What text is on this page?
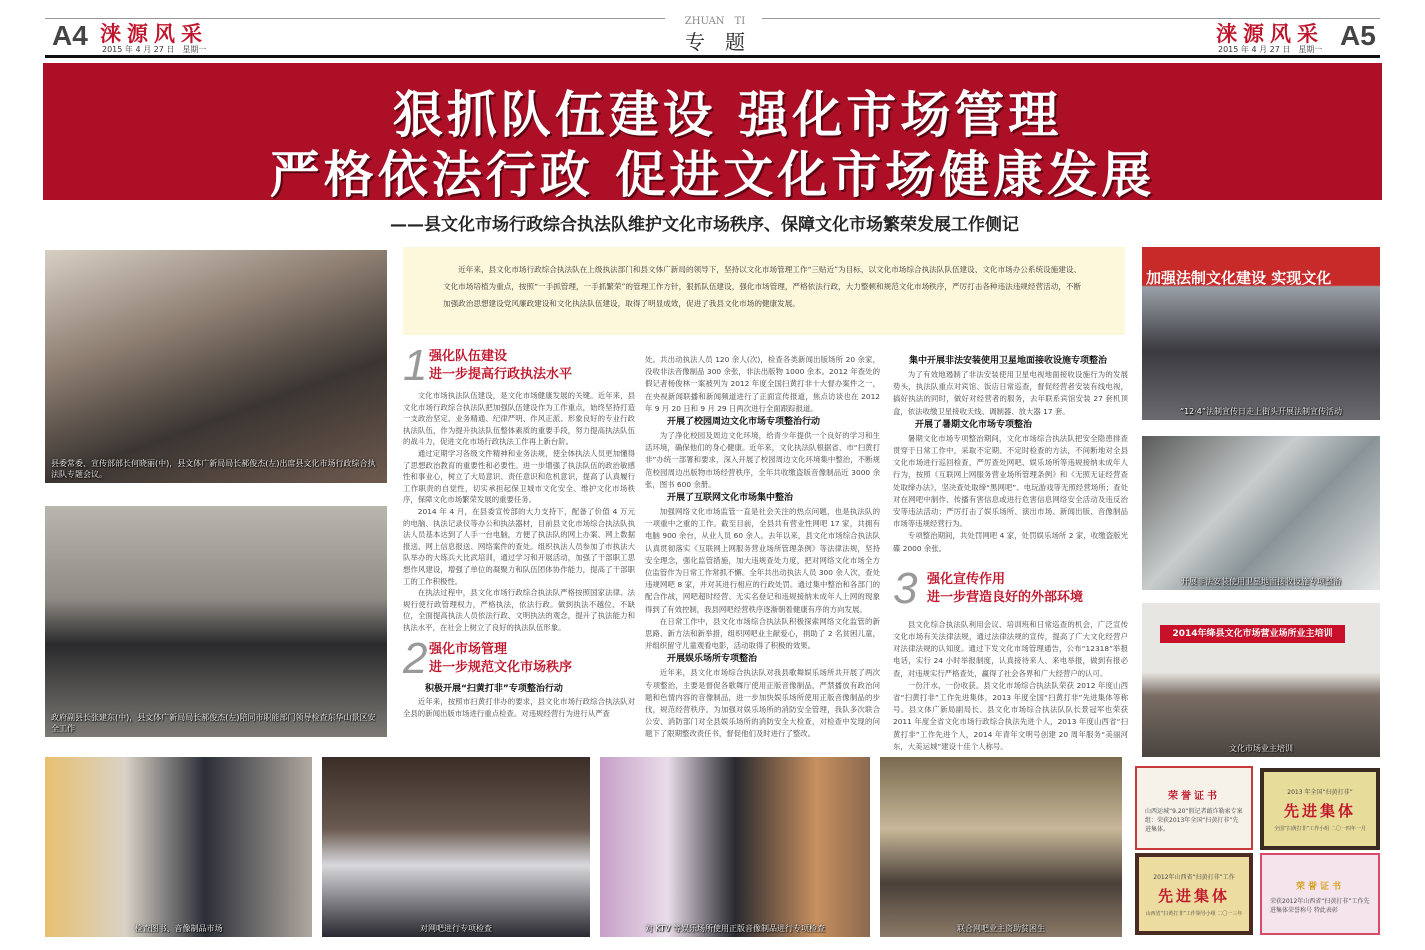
A4 涞源风采
2015 年 4 月 27 日　星期一
ZHUAN　TI
专　题	涞源风采
2015 年 4 月 27 日　星期一 A5
狠抓队伍建设 强化市场管理
严格依法行政 促进文化市场健康发展
——县文化市场行政综合执法队维护文化市场秩序、保障文化市场繁荣发展工作侧记
县委常委、宣传部部长何晓丽(中)，县文体广新局局长郝俊杰(左)出席县文化市场行政综合执法队专题会议。
政府副县长张建东(中)，县文体广新局局长郝俊杰(左)陪同市职能部门领导检查东华山景区安全工作
近年来，县文化市场行政综合执法队在上级执法部门和县文体广新局的领导下，坚持以文化市场管理工作“三贴近”为目标，以文化市场综合执法队队伍建设、文化市场办公系统设施建设、文化市场培植为重点，按照“一手抓管理，一手抓繁荣”的管理工作方针，狠抓队伍建设，强化市场管理，严格依法行政，大力整顿和规范文化市场秩序，严厉打击各种违法违规经营活动，不断加强政治思想建设党风廉政建设和文化执法队伍建设，取得了明显成效，促进了我县文化市场的健康发展。
1 强化队伍建设
进一步提高行政执法水平

文化市场执法队伍建设，是文化市场健康发展的关键。近年来，县文化市场行政综合执法队把加强队伍建设作为工作重点，始终坚持打造一支政治坚定、业务精通、纪律严明、作风正派、形象良好的专业行政执法队伍，作为提升执法队伍整体素质的重要手段，努力提高执法队伍的战斗力，促进文化市场行政执法工作再上新台阶。

通过定期学习各级文件精神和业务法规，使全体执法人员更加懂得了思想政治教育的重要性和必要性。进一步增强了执法队伍的政治敏感性和事业心，树立了大局意识、责任意识和危机意识，提高了认真履行工作职责的自觉性，切实承担起保卫城市文化安全、维护文化市场秩序，保障文化市场繁荣发展的重要任务。

2014 年 4 月，在县委宣传部的大力支持下，配备了价值 4 万元的电脑、执法记录仪等办公和执法器材，目前县文化市场综合执法队执法人员基本达到了人手一台电脑，方便了执法队的网上办案、网上数据报送、网上信息报送、网络案件的查处。组织执法人员参加了市执法大队举办的大练兵大比武培训，通过学习和开展活动，加强了干部职工思想作风建设，增强了单位的凝聚力和队伍团体协作能力，提高了干部职工的工作积极性。

在执法过程中，县文化市场行政综合执法队严格按照国家法律、法规行使行政管理权力，严格执法，依法行政。做到执法不越位、不缺位，全面提高执法人员依法行政、文明执法的观念，提升了执法能力和执法水平，在社会上树立了良好的执法队伍形象。

2 强化市场管理
进一步规范文化市场秩序
积极开展“扫黄打非”专项整治行动

近年来，按照市扫黄打非办的要求，县文化市场行政综合执法队对全县的新闻出版市场进行重点检查。对违规经营行为进行从严查

处。共出动执法人员 120 余人(次)，检查各类新闻出版场所 20 余家，没收非法音像制品 300 余张，非法出版物 1000 余本。2012 年查处的假记者杨俊林一案被列为 2012 年度全国扫黄打非十大督办案件之一，在央视新闻联播和新闻频道进行了正面宣传报道，焦点访谈也在 2012 年 9 月 20 日和 9 月 29 日两次进行全面跟踪报道。

开展了校园周边文化市场专项整治行动

为了净化校园及周边文化环境，给青少年提供一个良好的学习和生活环境，确保他们的身心健康。近年来，文化执法队根据省、市“扫黄打非”办统一部署和要求，深入开展了校园周边文化环境集中整治，不断规范校园周边出版物市场经营秩序，全年共收缴盗版音像制品近 3000 余张，图书 600 余册。

开展了互联网文化市场集中整治

加强网络文化市场监管一直是社会关注的热点问题，也是执法队的一项重中之重的工作。截至目前，全县共有营业性网吧 17 家，共拥有电脑 900 余台，从业人员 60 余人。去年以来，县文化市场综合执法队认真贯彻落实《互联网上网服务营业场所管理条例》等法律法规，坚持安全理念，强化监管措施，加大违规查处力度，把对网络文化市场全方位监管作为日常工作常抓不懈。全年共出动执法人员 300 余人次，查处违规网吧 8 家，并对其进行相应的行政处罚。通过集中整治和各部门的配合作战，网吧超时经营、无实名登记和违规接纳未成年人上网的现象得到了有效控制，我县网吧经营秩序逐渐朝着健康有序的方向发展。

在日常工作中，县文化市场综合执法队积极探索网络文化监管的新思路、新方法和新举措，组织网吧业主献爱心，捐助了 2 名贫困儿童，并组织留守儿童观看电影，活动取得了积极的效果。

开展娱乐场所专项整治

近年来，县文化市场综合执法队对我县歌舞娱乐场所共开展了两次专项整治，主要是督促各歌舞厅使用正版音像制品，严禁播放有政治问题和色情内容的音像制品，进一步加快娱乐场所使用正版音像制品的步伐，规范经营秩序。为加强对娱乐场所的消防安全管理，我队多次联合公安、消防部门对全县娱乐场所的消防安全大检查，对检查中发现的问题下了限期整改责任书，督促他们及时进行了整改。

集中开展非法安装使用卫星地面接收设施专项整治

为了有效地遏制了非法安装使用卫星电视地面接收设施行为的发展势头，执法队重点对宾馆、饭店日常巡查，督促经营者安装有线电视，搞好执法的同时，做好对经营者的服务，去年联系宾馆安装 27 套机顶盒，依法收缴卫星接收天线、调制器、放大器 17 套。

开展了暑期文化市场专项整治

暑期文化市场专项整治期间，文化市场综合执法队把安全隐患排查贯穿于日常工作中，采取不定期、不定时检查的方法，不间断地对全县文化市场进行巡回检查，严厉查处网吧、娱乐场所等违规接纳未成年人行为，按照《互联网上网服务营业场所管理条例》和《无照无证经营查处取缔办法》，坚决查处取缔“黑网吧”、电玩游戏等无照经营场所；查处对在网吧中制作、传播有害信息或进行危害信息网络安全活动及违反治安等违法活动；严厉打击了娱乐场所、演出市场、新闻出版、音像制品市场等违规经营行为。

专项整治期间，共处罚网吧 4 家，处罚娱乐场所 2 家，收缴盗版光碟 2000 余张。

3 强化宣传作用
进一步营造良好的外部环境

县文化综合执法队利用会议、培训班和日常巡查的机会，广泛宣传文化市场有关法律法规，通过法律法规的宣传，提高了广大文化经营户对法律法规的认知度。通过下发文化市场管理通告，公布“12318”举报电话，实行 24 小时举报制度，认真接待来人、来电举报，做到有报必查，对违规实行严格查处，赢得了社会各界和广大经营户的认可。

一份汗水，一份收获。县文化市场综合执法队荣获 2012 年度山西省“扫黄打非”工作先进集体，2013 年度全国“扫黄打非”先进集体等称号。县文体广新局副局长、县文化市场综合执法队队长景冠军也荣获 2011 年度全省文化市场行政综合执法先进个人，2013 年度山西省“扫黄打非”工作先进个人，2014 年青年文明号创建 20 周年服务“美丽河东，大美运城”建设十佳个人称号。

加强法制文化建设 实现文化
“12·4”法制宣传日走上街头开展法制宣传活动
开展非法安装使用卫星地面接收设施专项整治
2014年绛县文化市场营业场所业主培训
文化市场业主培训
检查图书、音像制品市场	对网吧进行专项检查	对 KTV 等娱乐场所使用正版音像制品进行专项检查	联合网吧业主资助贫困生
荣誉证书
山西运城“9.20”假记者敲诈勒索专案组：荣获2013年全国“扫黄打非”先进集体。
2013 年全国“扫黄打非”
先进集体
全国“扫黄打非”工作小组 二〇一四年一月
2012年山西省“扫黄打非”工作
先进集体
山西省“扫黄打非”工作领导小组 二〇一三年
荣誉证书
荣获2012年山西省“扫黄打非”工作先进集体荣誉称号 特此表彰
